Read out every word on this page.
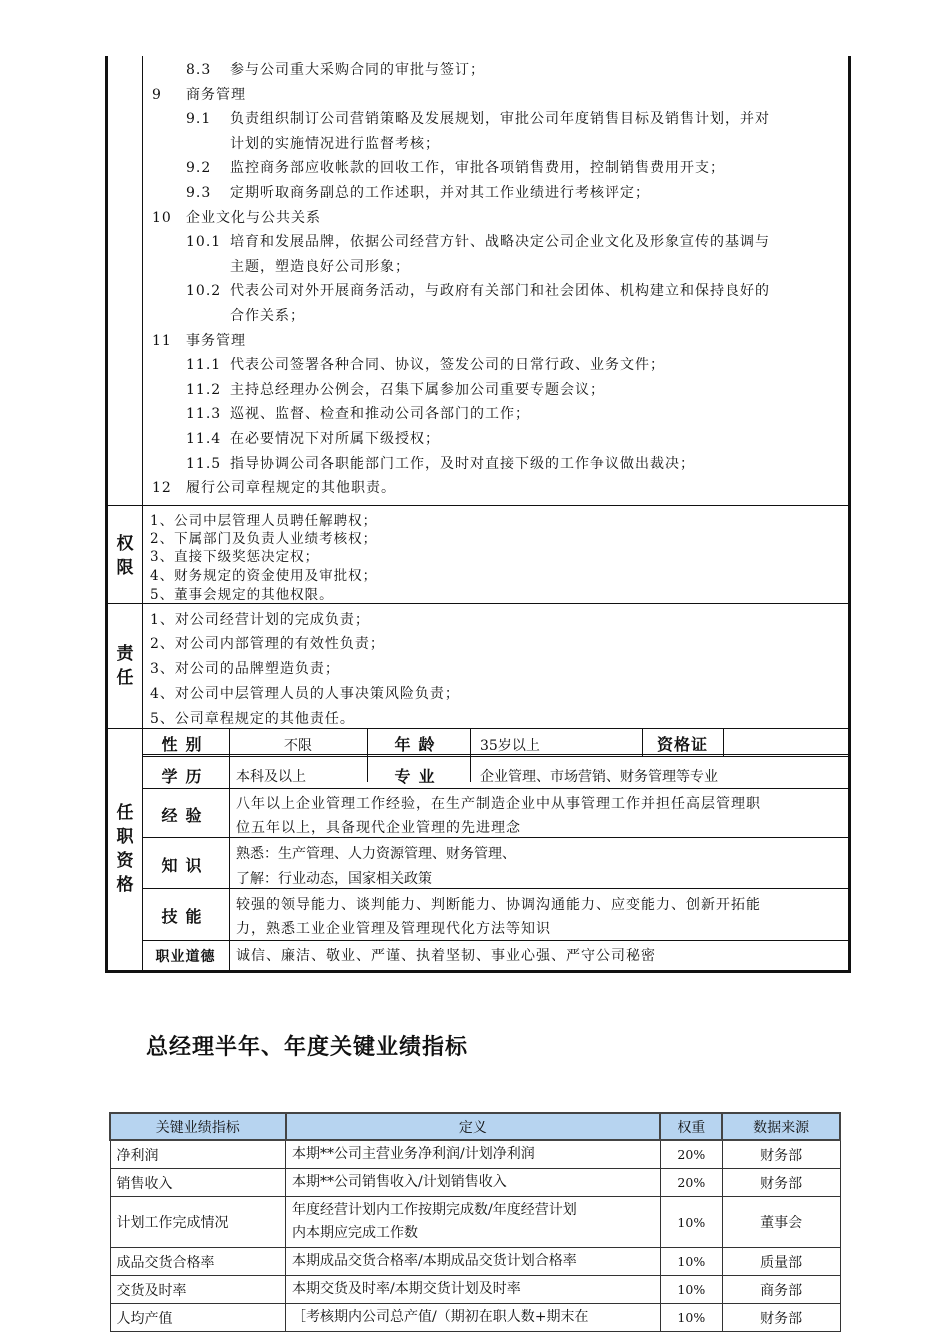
8.3 参与公司重大采购合同的审批与签订；
9 商务管理
9.1 负责组织制订公司营销策略及发展规划，审批公司年度销售目标及销售计划，并对
计划的实施情况进行监督考核；
9.2 监控商务部应收帐款的回收工作，审批各项销售费用，控制销售费用开支；
9.3 定期听取商务副总的工作述职，并对其工作业绩进行考核评定；
10 企业文化与公共关系
10.1 培育和发展品牌，依据公司经营方针、战略决定公司企业文化及形象宣传的基调与
主题，塑造良好公司形象；
10.2 代表公司对外开展商务活动，与政府有关部门和社会团体、机构建立和保持良好的
合作关系；
11 事务管理
11.1 代表公司签署各种合同、协议，签发公司的日常行政、业务文件；
11.2 主持总经理办公例会，召集下属参加公司重要专题会议；
11.3 巡视、监督、检查和推动公司各部门的工作；
11.4 在必要情况下对所属下级授权；
11.5 指导协调公司各职能部门工作，及时对直接下级的工作争议做出裁决；
12 履行公司章程规定的其他职责。
权
限
1、公司中层管理人员聘任解聘权；
2、下属部门及负责人业绩考核权；
3、直接下级奖惩决定权；
4、财务规定的资金使用及审批权；
5、董事会规定的其他权限。
责
任
1、对公司经营计划的完成负责；
2、对公司内部管理的有效性负责；
3、对公司的品牌塑造负责；
4、对公司中层管理人员的人事决策风险负责；
5、公司章程规定的其他责任。
任
职
资
格
性别	不限	年龄	35岁以上	资格证
学历	本科及以上	专业	企业管理、市场营销、财务管理等专业
经验
八年以上企业管理工作经验，在生产制造企业中从事管理工作并担任高层管理职
位五年以上，具备现代企业管理的先进理念
知识
熟悉：生产管理、人力资源管理、财务管理、
了解：行业动态，国家相关政策
技能
较强的领导能力、谈判能力、判断能力、协调沟通能力、应变能力、创新开拓能
力，熟悉工业企业管理及管理现代化方法等知识
职业道德	诚信、廉洁、敬业、严谨、执着坚韧、事业心强、严守公司秘密
总经理半年、年度关键业绩指标
关键业绩指标	定义	权重	数据来源
净利润	本期**公司主营业务净利润/计划净利润	20%	财务部
销售收入	本期**公司销售收入/计划销售收入	20%	财务部
计划工作完成情况	年度经营计划内工作按期完成数/年度经营计划
内本期应完成工作数	10%	董事会
成品交货合格率	本期成品交货合格率/本期成品交货计划合格率	10%	质量部
交货及时率	本期交货及时率/本期交货计划及时率	10%	商务部
人均产值	［考核期内公司总产值/（期初在职人数+期末在	10%	财务部
